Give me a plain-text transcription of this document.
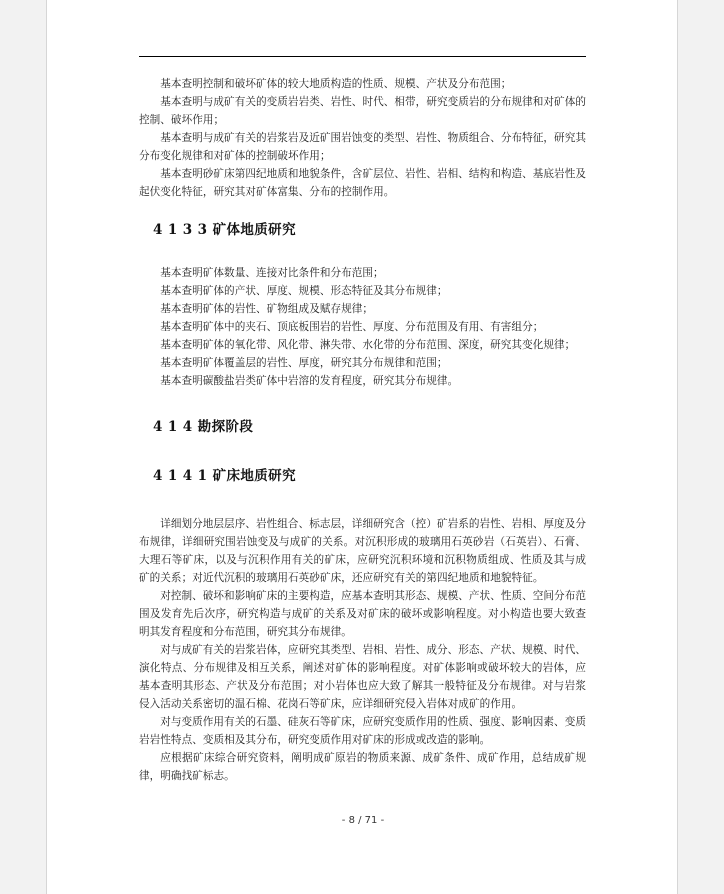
基本查明控制和破坏矿体的较大地质构造的性质、规模、产状及分布范围；

基本查明与成矿有关的变质岩岩类、岩性、时代、相带，研究变质岩的分布规律和对矿体的控制、破坏作用；

基本查明与成矿有关的岩浆岩及近矿围岩蚀变的类型、岩性、物质组合、分布特征，研究其分布变化规律和对矿体的控制破坏作用；

基本查明砂矿床第四纪地质和地貌条件，含矿层位、岩性、岩相、结构和构造、基底岩性及起伏变化特征，研究其对矿体富集、分布的控制作用。

4 1 3 3 矿体地质研究

基本查明矿体数量、连接对比条件和分布范围；

基本查明矿体的产状、厚度、规模、形态特征及其分布规律；

基本查明矿体的岩性、矿物组成及赋存规律；

基本查明矿体中的夹石、顶底板围岩的岩性、厚度、分布范围及有用、有害组分；

基本查明矿体的氧化带、风化带、淋失带、水化带的分布范围、深度，研究其变化规律；

基本查明矿体覆盖层的岩性、厚度，研究其分布规律和范围；

基本查明碳酸盐岩类矿体中岩溶的发育程度，研究其分布规律。

4 1 4 勘探阶段
4 1 4 1 矿床地质研究

详细划分地层层序、岩性组合、标志层，详细研究含（控）矿岩系的岩性、岩相、厚度及分布规律，详细研究围岩蚀变及与成矿的关系。对沉积形成的玻璃用石英砂岩（石英岩）、石膏、大理石等矿床，以及与沉积作用有关的矿床，应研究沉积环境和沉积物质组成、性质及其与成矿的关系；对近代沉积的玻璃用石英砂矿床，还应研究有关的第四纪地质和地貌特征。

对控制、破坏和影响矿床的主要构造，应基本查明其形态、规模、产状、性质、空间分布范围及发育先后次序，研究构造与成矿的关系及对矿床的破坏或影响程度。对小构造也要大致查明其发育程度和分布范围，研究其分布规律。

对与成矿有关的岩浆岩体，应研究其类型、岩相、岩性、成分、形态、产状、规模、时代、演化特点、分布规律及相互关系，阐述对矿体的影响程度。对矿体影响或破坏较大的岩体，应基本查明其形态、产状及分布范围；对小岩体也应大致了解其一般特征及分布规律。对与岩浆侵入活动关系密切的温石棉、花岗石等矿床，应详细研究侵入岩体对成矿的作用。

对与变质作用有关的石墨、硅灰石等矿床，应研究变质作用的性质、强度、影响因素、变质岩岩性特点、变质相及其分布，研究变质作用对矿床的形成或改造的影响。

应根据矿床综合研究资料，阐明成矿原岩的物质来源、成矿条件、成矿作用，总结成矿规律，明确找矿标志。

- 8 / 71 -
